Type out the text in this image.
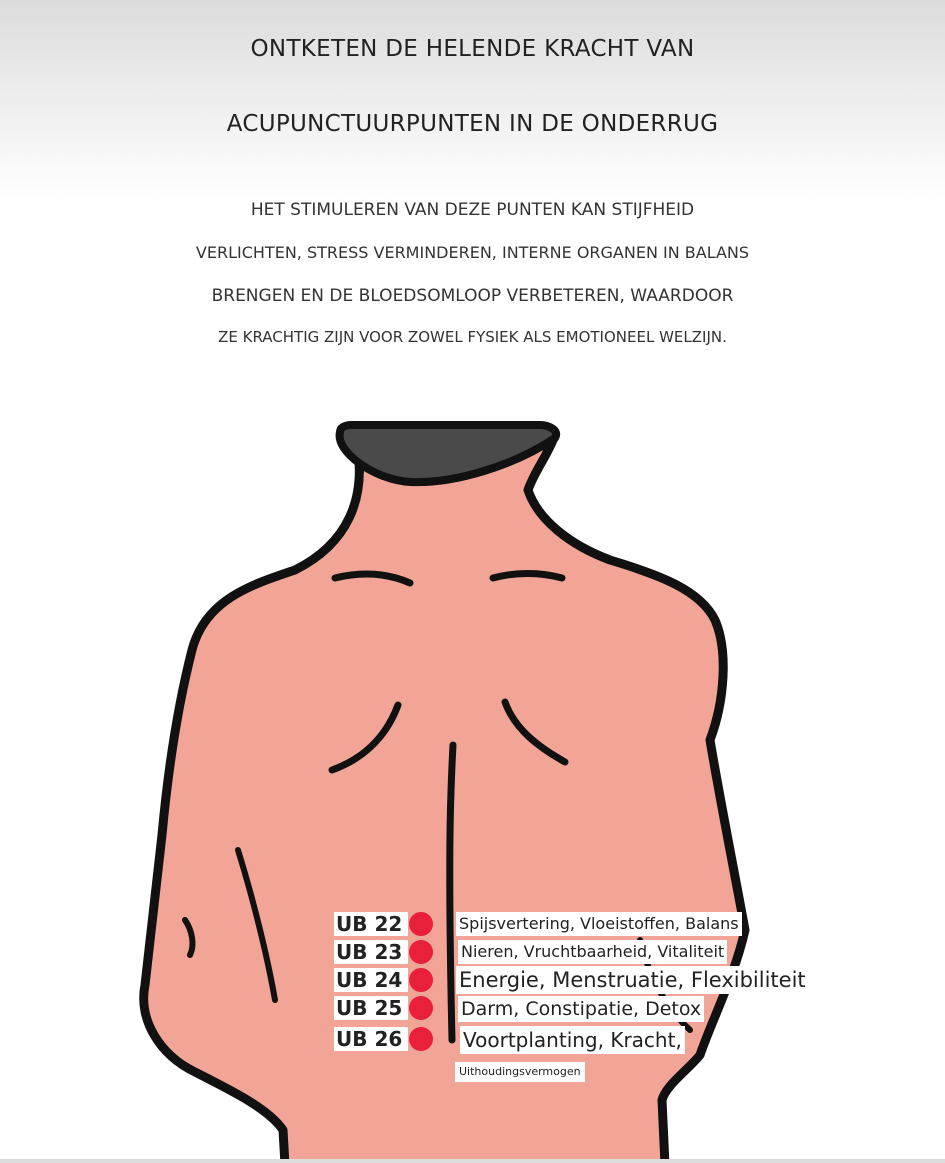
ONTKETEN DE HELENDE KRACHT VAN
ACUPUNCTUURPUNTEN IN DE ONDERRUG
HET STIMULEREN VAN DEZE PUNTEN KAN STIJFHEID
VERLICHTEN, STRESS VERMINDEREN, INTERNE ORGANEN IN BALANS
BRENGEN EN DE BLOEDSOMLOOP VERBETEREN, WAARDOOR
ZE KRACHTIG ZIJN VOOR ZOWEL FYSIEK ALS EMOTIONEEL WELZIJN.
UB 22	Spijsvertering, Vloeistoffen, Balans
UB 23	Nieren, Vruchtbaarheid, Vitaliteit
UB 24	Energie, Menstruatie, Flexibiliteit
UB 25	Darm, Constipatie, Detox
UB 26	Voortplanting, Kracht,
Uithoudingsvermogen
